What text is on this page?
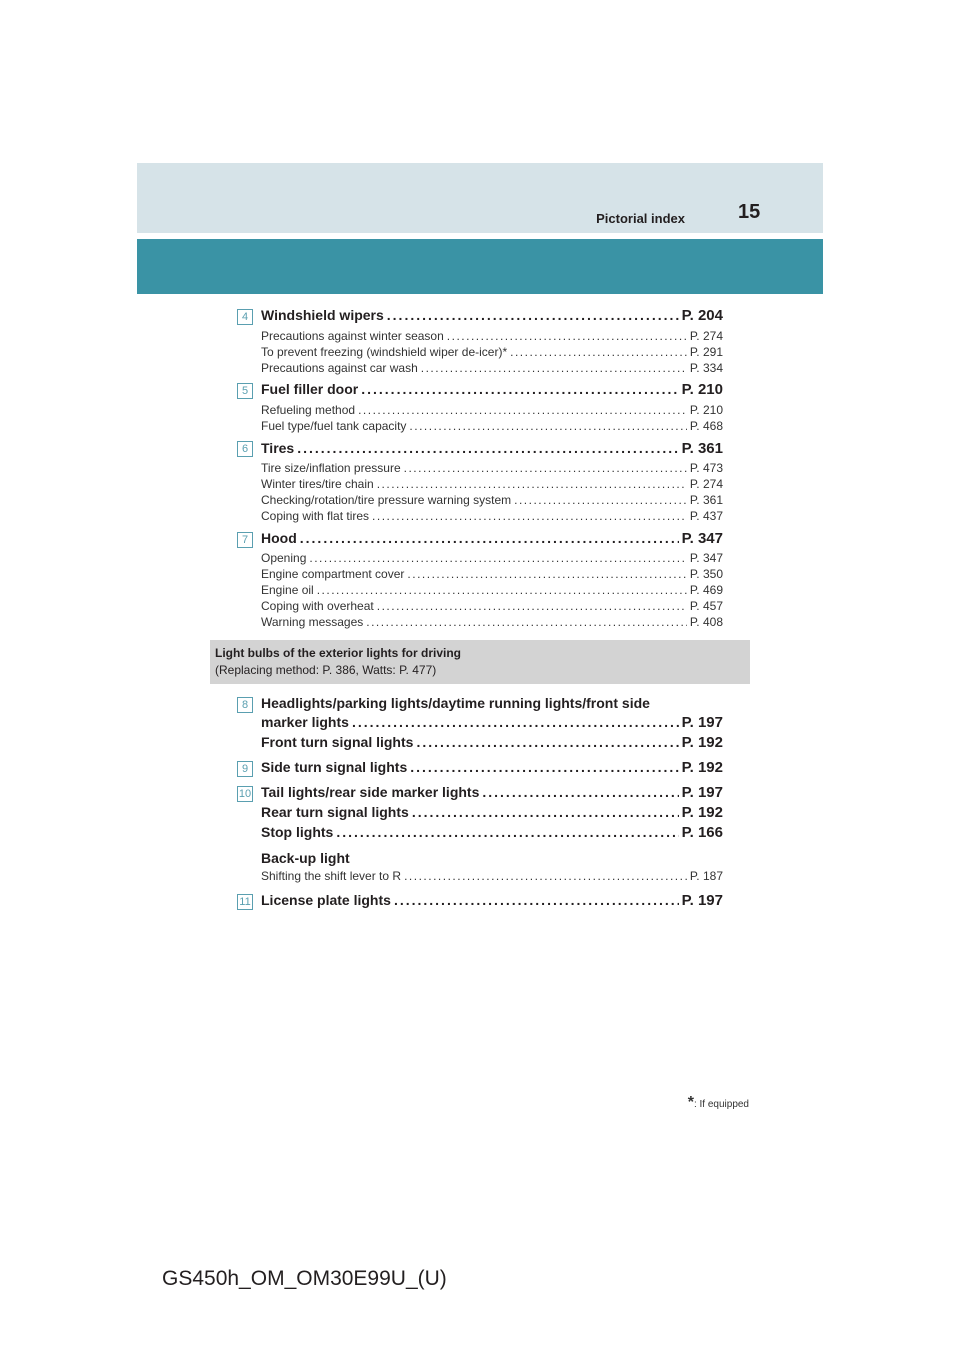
Pictorial index	15
4 Windshield wipers .....	P. 204
Precautions against winter season .....	P. 274
To prevent freezing (windshield wiper de-icer)* .....	P. 291
Precautions against car wash .....	P. 334
5 Fuel filler door .....	P. 210
Refueling method .....	P. 210
Fuel type/fuel tank capacity .....	P. 468
6 Tires .....	P. 361
Tire size/inflation pressure .....	P. 473
Winter tires/tire chain .....	P. 274
Checking/rotation/tire pressure warning system .....	P. 361
Coping with flat tires .....	P. 437
7 Hood .....	P. 347
Opening .....	P. 347
Engine compartment cover .....	P. 350
Engine oil .....	P. 469
Coping with overheat .....	P. 457
Warning messages .....	P. 408
Light bulbs of the exterior lights for driving
(Replacing method: P. 386, Watts: P. 477)
8 Headlights/parking lights/daytime running lights/front side
marker lights .....	P. 197
Front turn signal lights .....	P. 192
9 Side turn signal lights .....	P. 192
10 Tail lights/rear side marker lights .....	P. 197
Rear turn signal lights .....	P. 192
Stop lights .....	P. 166
Back-up light
Shifting the shift lever to R .....	P. 187
11 License plate lights .....	P. 197
*: If equipped
GS450h_OM_OM30E99U_(U)
